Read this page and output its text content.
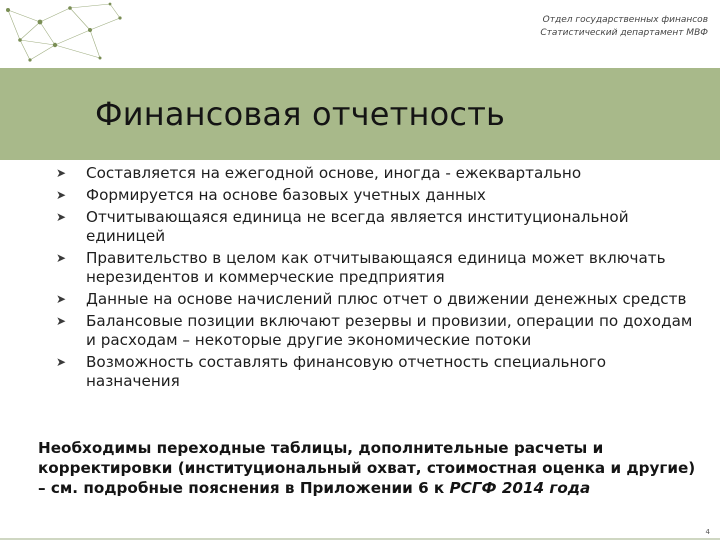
Отдел государственных финансов
Статистический департамент МВФ
Финансовая отчетность
➤ Составляется на ежегодной основе, иногда - ежеквартально
➤ Формируется на основе базовых учетных данных
➤ Отчитывающаяся единица не всегда является институциональной единицей
➤ Правительство в целом как отчитывающаяся единица может включать нерезидентов и коммерческие предприятия
➤ Данные на основе начислений плюс отчет о движении денежных средств
➤ Балансовые позиции включают резервы и провизии, операции по доходам и расходам – некоторые другие экономические потоки
➤ Возможность составлять финансовую отчетность специального назначения
Необходимы переходные таблицы, дополнительные расчеты и корректировки (институциональный охват, стоимостная оценка и другие) – см. подробные пояснения в Приложении 6 к РСГФ 2014 года
4
